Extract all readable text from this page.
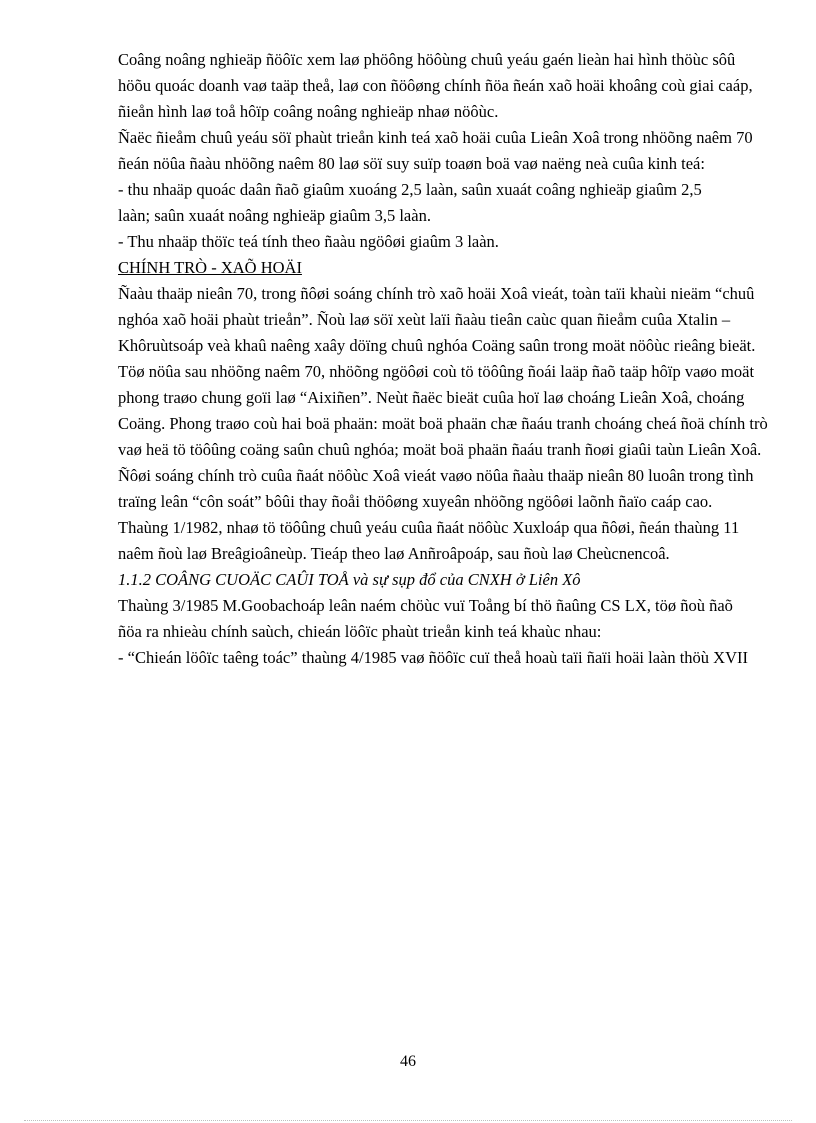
Coâng noâng nghieäp ñöôïc xem laø phöông höôùng chuû yeáu gaén lieàn hai hình thöùc sôû

höõu quoác doanh vaø taäp theå, laø con ñöôøng chính ñöa ñeán xaõ hoäi khoâng coù giai caáp,

ñieån hình laø toå hôïp coâng noâng nghieäp nhaø nöôùc.

Ñaëc ñieåm chuû yeáu söï phaùt trieån kinh teá xaõ hoäi cuûa Lieân Xoâ trong nhöõng naêm 70

ñeán nöûa ñaàu nhöõng naêm 80 laø söï suy suïp toaøn boä vaø naëng neà cuûa kinh teá:

- thu nhaäp quoác daân ñaõ giaûm xuoáng 2,5 laàn, saûn xuaát coâng nghieäp giaûm 2,5

laàn; saûn xuaát noâng nghieäp giaûm 3,5 laàn.

- Thu nhaäp thöïc teá tính theo ñaàu ngöôøi giaûm 3 laàn.

CHÍNH TRÒ - XAÕ HOÄI

Ñaàu thaäp nieân 70, trong ñôøi soáng chính trò xaõ hoäi Xoâ vieát, toàn taïi khaùi nieäm “chuû

nghóa xaõ hoäi phaùt trieån”. Ñoù laø söï xeùt laïi ñaàu tieân caùc quan ñieåm cuûa Xtalin –

Khôruùtsoáp veà khaû naêng xaây döïng chuû nghóa Coäng saûn trong moät nöôùc rieâng bieät.

Töø nöûa sau nhöõng naêm 70, nhöõng ngöôøi coù tö töôûng ñoái laäp ñaõ taäp hôïp vaøo moät

phong traøo chung goïi laø “Aixiñen”. Neùt ñaëc bieät cuûa hoï laø choáng Lieân Xoâ, choáng

Coäng. Phong traøo coù hai boä phaän: moät boä phaän chæ ñaáu tranh choáng cheá ñoä chính trò

vaø heä tö töôûng coäng saûn chuû nghóa; moät boä phaän ñaáu tranh ñoøi giaûi taùn Lieân Xoâ.

Ñôøi soáng chính trò cuûa ñaát nöôùc Xoâ vieát vaøo nöûa ñaàu thaäp nieân 80 luoân trong tình

traïng leân “côn soát” bôûi thay ñoåi thöôøng xuyeân nhöõng ngöôøi laõnh ñaïo caáp cao.

Thaùng 1/1982, nhaø tö töôûng chuû yeáu cuûa ñaát nöôùc Xuxloáp qua ñôøi, ñeán thaùng 11

naêm ñoù laø Breâgioâneùp. Tieáp theo laø Anñroâpoáp, sau ñoù laø Cheùcnencoâ.

1.1.2 COÂNG CUOÄC CAÛI TOÅ và sự sụp đổ của CNXH ở Liên Xô

Thaùng 3/1985 M.Goobachoáp leân naém chöùc vuï Toång bí thö ñaûng CS LX, töø ñoù ñaõ

ñöa ra nhieàu chính saùch, chieán löôïc phaùt trieån kinh teá khaùc nhau:

- “Chieán löôïc taêng toác” thaùng 4/1985 vaø ñöôïc cuï theå hoaù taïi ñaïi hoäi laàn thöù XVII

46
